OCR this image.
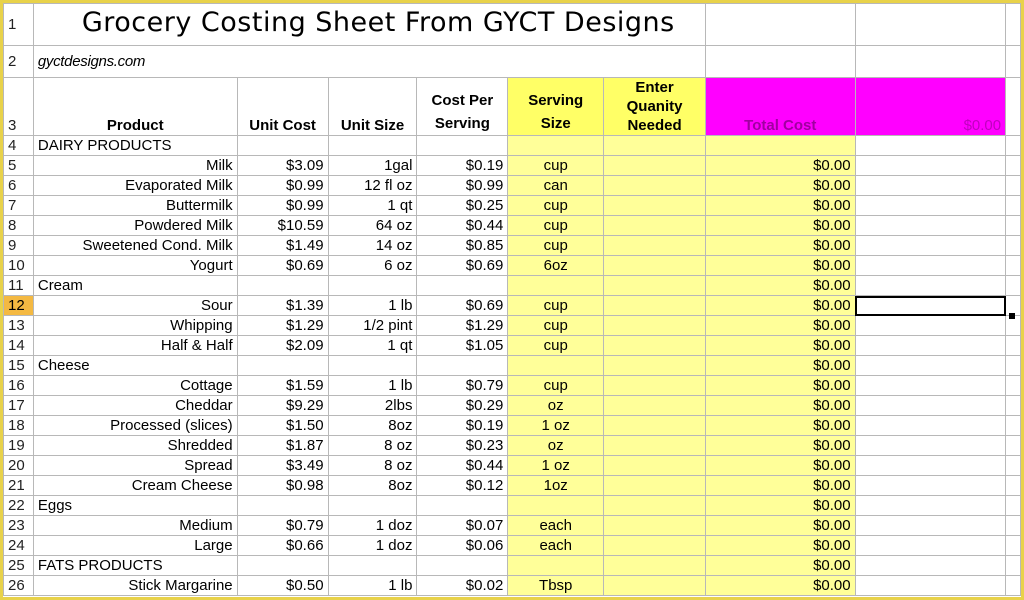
1	Grocery Costing Sheet From GYCT Designs								
2	gyctdesigns.com								
3	Product	Unit Cost	Unit Size	Cost Per Serving	Serving Size	Enter Quanity Needed	Total Cost	$0.00	
4	DAIRY PRODUCTS								
5	Milk	$3.09	1gal	$0.19	cup		$0.00		
6	Evaporated Milk	$0.99	12 fl oz	$0.99	can		$0.00		
7	Buttermilk	$0.99	1 qt	$0.25	cup		$0.00		
8	Powdered Milk	$10.59	64 oz	$0.44	cup		$0.00		
9	Sweetened Cond. Milk	$1.49	14 oz	$0.85	cup		$0.00		
10	Yogurt	$0.69	6 oz	$0.69	6oz		$0.00		
11	Cream						$0.00		
12	Sour	$1.39	1 lb	$0.69	cup		$0.00		
13	Whipping	$1.29	1/2 pint	$1.29	cup		$0.00		
14	Half & Half	$2.09	1 qt	$1.05	cup		$0.00		
15	Cheese						$0.00		
16	Cottage	$1.59	1 lb	$0.79	cup		$0.00		
17	Cheddar	$9.29	2lbs	$0.29	oz		$0.00		
18	Processed (slices)	$1.50	8oz	$0.19	1 oz		$0.00		
19	Shredded	$1.87	8 oz	$0.23	oz		$0.00		
20	Spread	$3.49	8 oz	$0.44	1 oz		$0.00		
21	Cream Cheese	$0.98	8oz	$0.12	1oz		$0.00		
22	Eggs						$0.00		
23	Medium	$0.79	1 doz	$0.07	each		$0.00		
24	Large	$0.66	1 doz	$0.06	each		$0.00		
25	FATS PRODUCTS						$0.00		
26	Stick Margarine	$0.50	1 lb	$0.02	Tbsp		$0.00		
